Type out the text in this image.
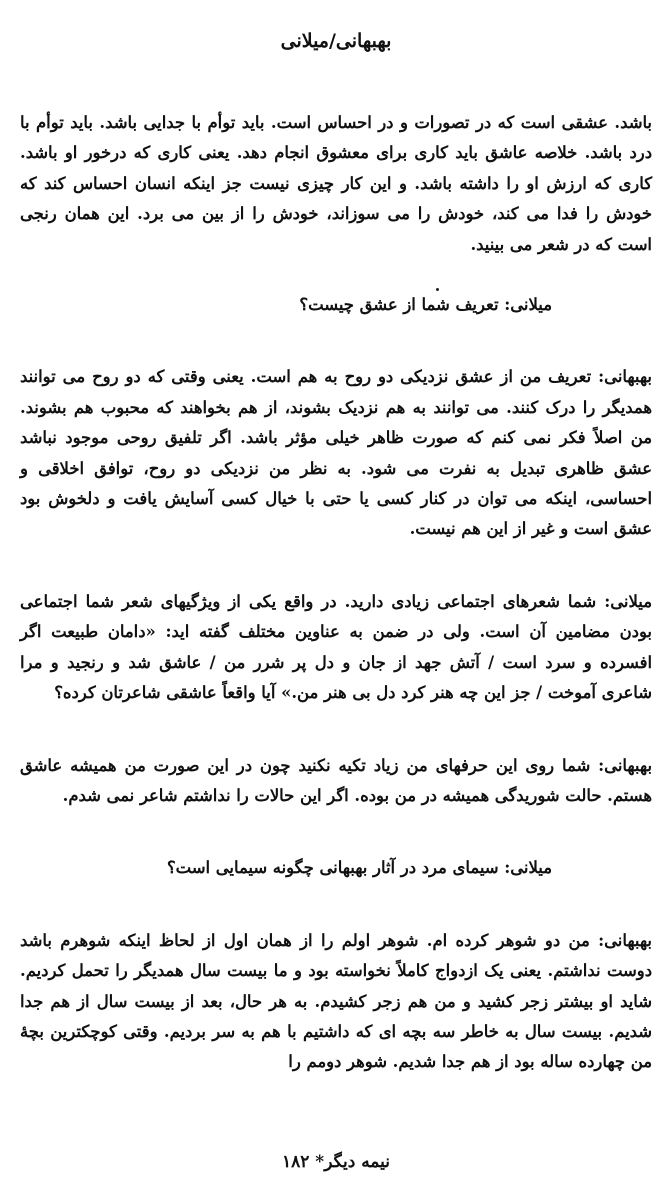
بهبهانی/میلانی

باشد. عشقی است که در تصورات و در احساس است. باید توأم با جدایی باشد. باید توأم با درد باشد. خلاصه عاشق باید کاری برای معشوق انجام دهد. یعنی کاری که درخور او باشد. کاری که ارزش او را داشته باشد. و این کار چیزی نیست جز اینکه انسان احساس کند که خودش را فدا می کند، خودش را می سوزاند، خودش را از بین می برد. این همان رنجی است که در شعر می بینید.

میلانی: تعریف شما از عشق چیست؟

بهبهانی: تعریف من از عشق نزدیکی دو روح به هم است. یعنی وقتی که دو روح می توانند همدیگر را درک کنند. می توانند به هم نزدیک بشوند، از هم بخواهند که محبوب هم بشوند. من اصلاً فکر نمی کنم که صورت ظاهر خیلی مؤثر باشد. اگر تلفیق روحی موجود نباشد عشق ظاهری تبدیل به نفرت می شود. به نظر من نزدیکی دو روح، توافق اخلاقی و احساسی، اینکه می توان در کنار کسی یا حتی با خیال کسی آسایش یافت و دلخوش بود عشق است و غیر از این هم نیست.

میلانی: شما شعرهای اجتماعی زیادی دارید. در واقع یکی از ویژگیهای شعر شما اجتماعی بودن مضامین آن است. ولی در ضمن به عناوین مختلف گفته اید: «دامان طبیعت اگر افسرده و سرد است / آتش جهد از جان و دل پر شرر من / عاشق شد و رنجید و مرا شاعری آموخت / جز این چه هنر کرد دل بی هنر من.» آیا واقعاً عاشقی شاعرتان کرده؟

بهبهانی: شما روی این حرفهای من زیاد تکیه نکنید چون در این صورت من همیشه عاشق هستم. حالت شوریدگی همیشه در من بوده. اگر این حالات را نداشتم شاعر نمی شدم.

میلانی: سیمای مرد در آثار بهبهانی چگونه سیمایی است؟

بهبهانی: من دو شوهر کرده ام. شوهر اولم را از همان اول از لحاظ اینکه شوهرم باشد دوست نداشتم. یعنی یک ازدواج کاملاً نخواسته بود و ما بیست سال همدیگر را تحمل کردیم. شاید او بیشتر زجر کشید و من هم زجر کشیدم. به هر حال، بعد از بیست سال از هم جدا شدیم. بیست سال به خاطر سه بچه ای که داشتیم با هم به سر بردیم. وقتی کوچکترین بچهٔ من چهارده ساله بود از هم جدا شدیم. شوهر دومم را

نیمه دیگر* ۱۸۲
